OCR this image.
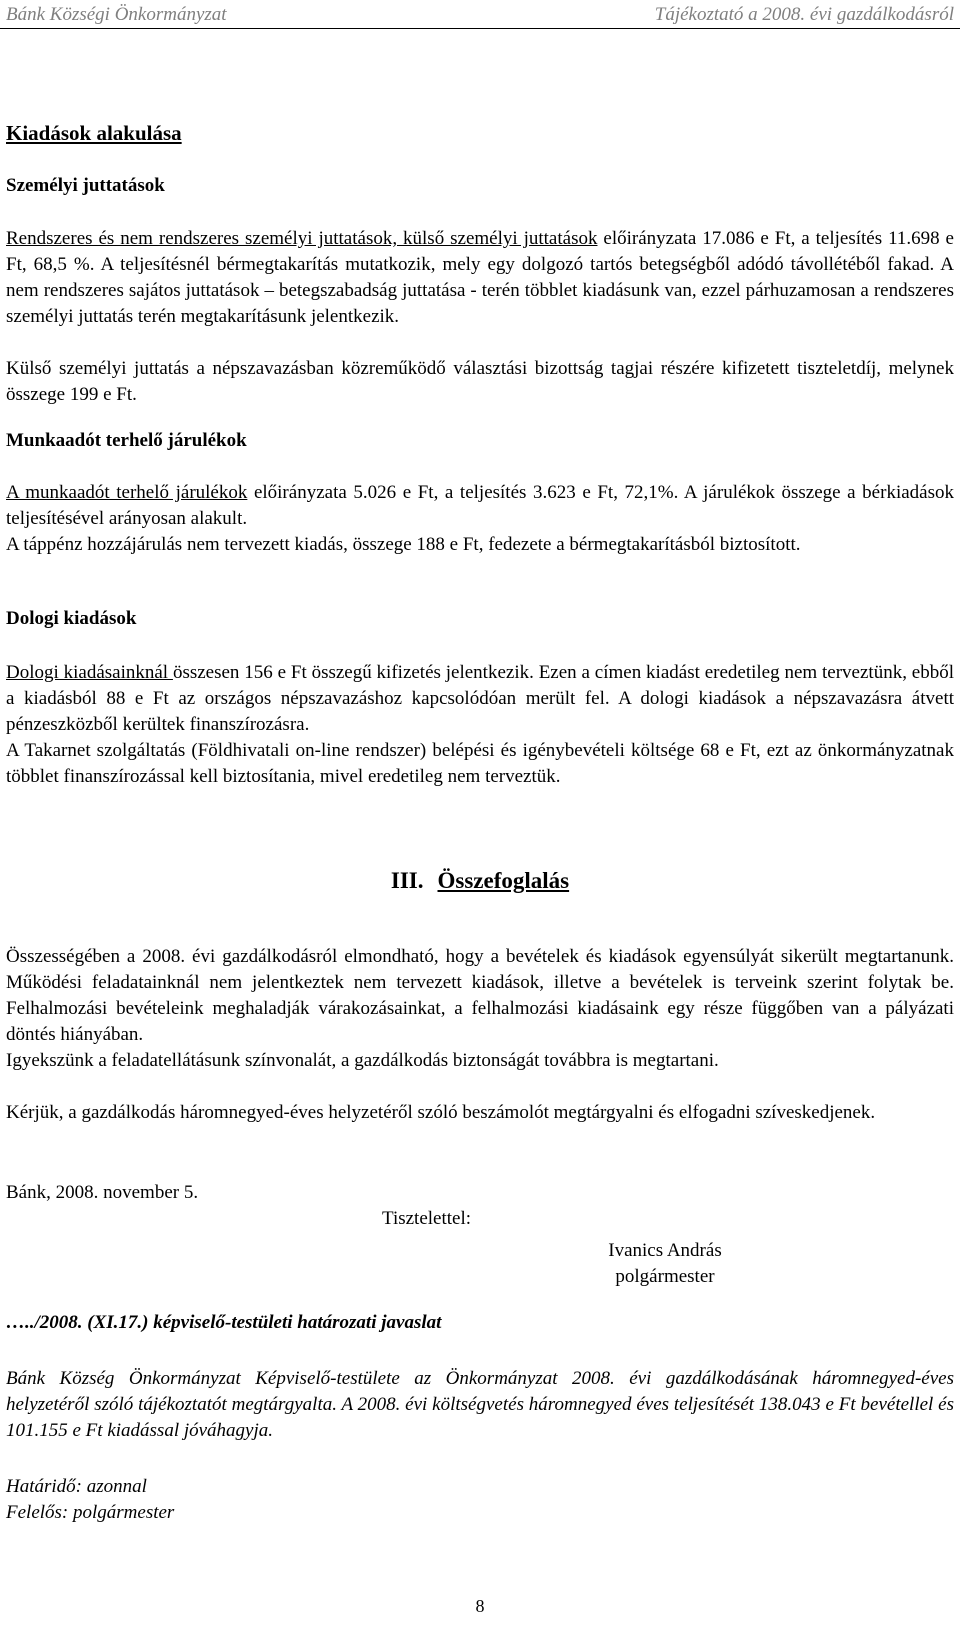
Bánk Községi Önkormányzat	Tájékoztató a 2008. évi gazdálkodásról
Kiadások alakulása
Személyi juttatások

Rendszeres és nem rendszeres személyi juttatások, külső személyi juttatások előirányzata 17.086 e Ft, a teljesítés 11.698 e Ft, 68,5 %. A teljesítésnél bérmegtakarítás mutatkozik, mely egy dolgozó tartós betegségből adódó távollétéből fakad. A nem rendszeres sajátos juttatások – betegszabadság juttatása - terén többlet kiadásunk van, ezzel párhuzamosan a rendszeres személyi juttatás terén megtakarításunk jelentkezik.

Külső személyi juttatás a népszavazásban közreműködő választási bizottság tagjai részére kifizetett tiszteletdíj, melynek összege 199 e Ft.

Munkaadót terhelő járulékok

A munkaadót terhelő járulékok előirányzata 5.026 e Ft, a teljesítés 3.623 e Ft, 72,1%. A járulékok összege a bérkiadások teljesítésével arányosan alakult.

A táppénz hozzájárulás nem tervezett kiadás, összege 188 e Ft, fedezete a bérmegtakarításból biztosított.

Dologi kiadások

Dologi kiadásainknál összesen 156 e Ft összegű kifizetés jelentkezik. Ezen a címen kiadást eredetileg nem terveztünk, ebből a kiadásból 88 e Ft az országos népszavazáshoz kapcsolódóan merült fel. A dologi kiadások a népszavazásra átvett pénzeszközből kerültek finanszírozásra.

A Takarnet szolgáltatás (Földhivatali on-line rendszer) belépési és igénybevételi költsége 68 e Ft, ezt az önkormányzatnak többlet finanszírozással kell biztosítania, mivel eredetileg nem terveztük.

III. Összefoglalás

Összességében a 2008. évi gazdálkodásról elmondható, hogy a bevételek és kiadások egyensúlyát sikerült megtartanunk. Működési feladatainknál nem jelentkeztek nem tervezett kiadások, illetve a bevételek is terveink szerint folytak be. Felhalmozási bevételeink meghaladják várakozásainkat, a felhalmozási kiadásaink egy része függőben van a pályázati döntés hiányában.

Igyekszünk a feladatellátásunk színvonalát, a gazdálkodás biztonságát továbbra is megtartani.

Kérjük, a gazdálkodás háromnegyed-éves helyzetéről szóló beszámolót megtárgyalni és elfogadni szíveskedjenek.

Bánk, 2008. november 5.
Tisztelettel:
Ivanics András
polgármester
…../2008. (XI.17.) képviselő-testületi határozati javaslat

Bánk Község Önkormányzat Képviselő-testülete az Önkormányzat 2008. évi gazdálkodásának háromnegyed-éves helyzetéről szóló tájékoztatót megtárgyalta. A 2008. évi költségvetés háromnegyed éves teljesítését 138.043 e Ft bevétellel és 101.155 e Ft kiadással jóváhagyja.

Határidő: azonnal
Felelős: polgármester
8
